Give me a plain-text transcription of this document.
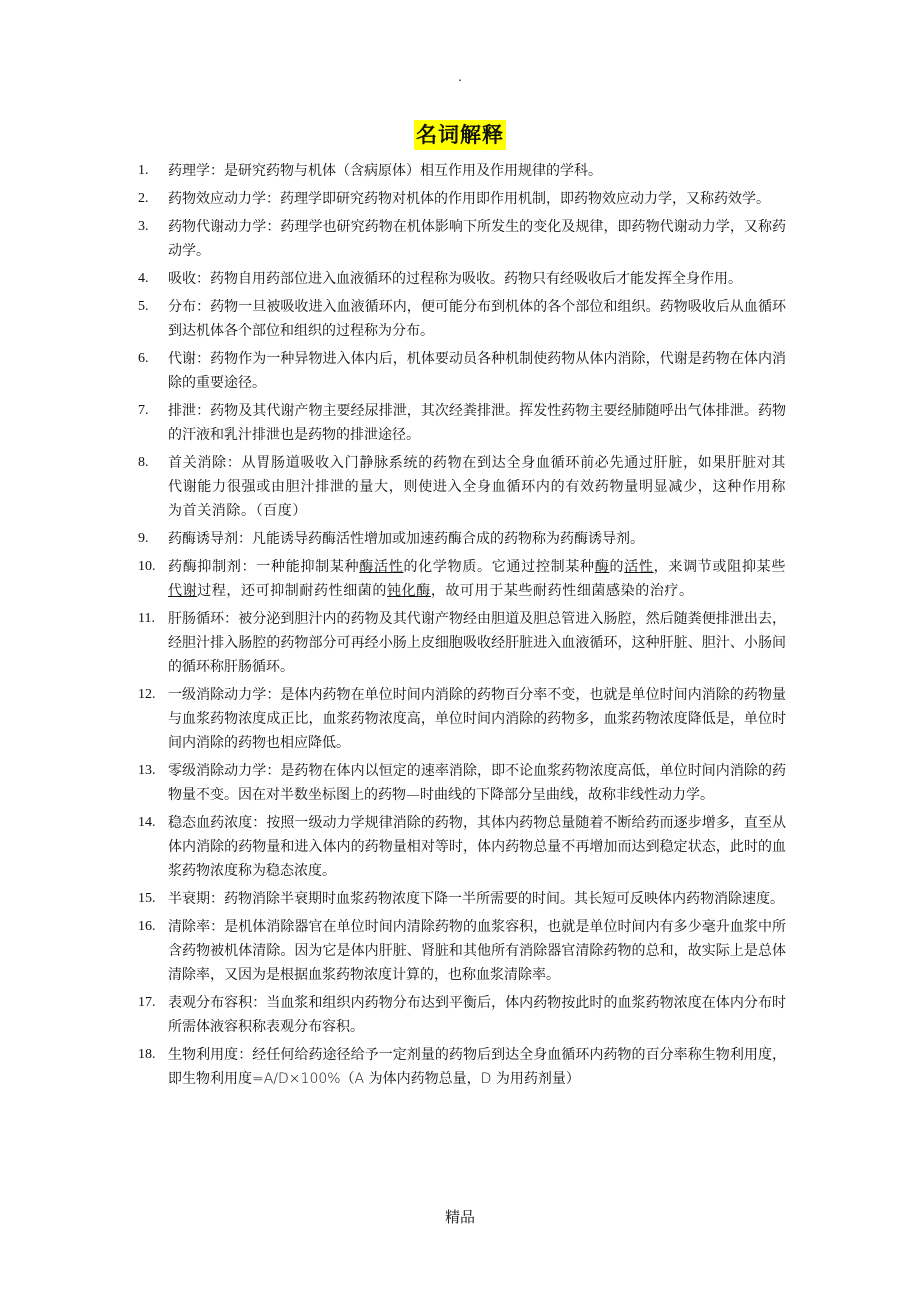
.
名词解释
1.	药理学：是研究药物与机体（含病原体）相互作用及作用规律的学科。
2.	药物效应动力学：药理学即研究药物对机体的作用即作用机制，即药物效应动力学，又称药效学。
3.	药物代谢动力学：药理学也研究药物在机体影响下所发生的变化及规律，即药物代谢动力学，又称药动学。
4.	吸收：药物自用药部位进入血液循环的过程称为吸收。药物只有经吸收后才能发挥全身作用。
5.	分布：药物一旦被吸收进入血液循环内，便可能分布到机体的各个部位和组织。药物吸收后从血循环到达机体各个部位和组织的过程称为分布。
6.	代谢：药物作为一种异物进入体内后，机体要动员各种机制使药物从体内消除，代谢是药物在体内消除的重要途径。
7.	排泄：药物及其代谢产物主要经尿排泄，其次经粪排泄。挥发性药物主要经肺随呼出气体排泄。药物的汗液和乳汁排泄也是药物的排泄途径。
8.	首关消除：从胃肠道吸收入门静脉系统的药物在到达全身血循环前必先通过肝脏，如果肝脏对其代谢能力很强或由胆汁排泄的量大，则使进入全身血循环内的有效药物量明显减少，这种作用称为首关消除。（百度）
9.	药酶诱导剂：凡能诱导药酶活性增加或加速药酶合成的药物称为药酶诱导剂。
10. 药酶抑制剂：一种能抑制某种酶活性的化学物质。它通过控制某种酶的活性，来调节或阻抑某些代谢过程，还可抑制耐药性细菌的钝化酶，故可用于某些耐药性细菌感染的治疗。
11. 肝肠循环：被分泌到胆汁内的药物及其代谢产物经由胆道及胆总管进入肠腔，然后随粪便排泄出去，经胆汁排入肠腔的药物部分可再经小肠上皮细胞吸收经肝脏进入血液循环，这种肝脏、胆汁、小肠间的循环称肝肠循环。
12. 一级消除动力学：是体内药物在单位时间内消除的药物百分率不变，也就是单位时间内消除的药物量与血浆药物浓度成正比，血浆药物浓度高，单位时间内消除的药物多，血浆药物浓度降低是，单位时间内消除的药物也相应降低。
13. 零级消除动力学：是药物在体内以恒定的速率消除，即不论血浆药物浓度高低，单位时间内消除的药物量不变。因在对半数坐标图上的药物—时曲线的下降部分呈曲线，故称非线性动力学。
14. 稳态血药浓度：按照一级动力学规律消除的药物，其体内药物总量随着不断给药而逐步增多，直至从体内消除的药物量和进入体内的药物量相对等时，体内药物总量不再增加而达到稳定状态，此时的血浆药物浓度称为稳态浓度。
15. 半衰期：药物消除半衰期时血浆药物浓度下降一半所需要的时间。其长短可反映体内药物消除速度。
16. 清除率：是机体消除器官在单位时间内清除药物的血浆容积，也就是单位时间内有多少毫升血浆中所含药物被机体清除。因为它是体内肝脏、肾脏和其他所有消除器官清除药物的总和，故实际上是总体清除率，又因为是根据血浆药物浓度计算的，也称血浆清除率。
17. 表观分布容积：当血浆和组织内药物分布达到平衡后，体内药物按此时的血浆药物浓度在体内分布时所需体液容积称表观分布容积。
18. 生物利用度：经任何给药途径给予一定剂量的药物后到达全身血循环内药物的百分率称生物利用度，即生物利用度=A/D×100%（A 为体内药物总量，D 为用药剂量）
精品
